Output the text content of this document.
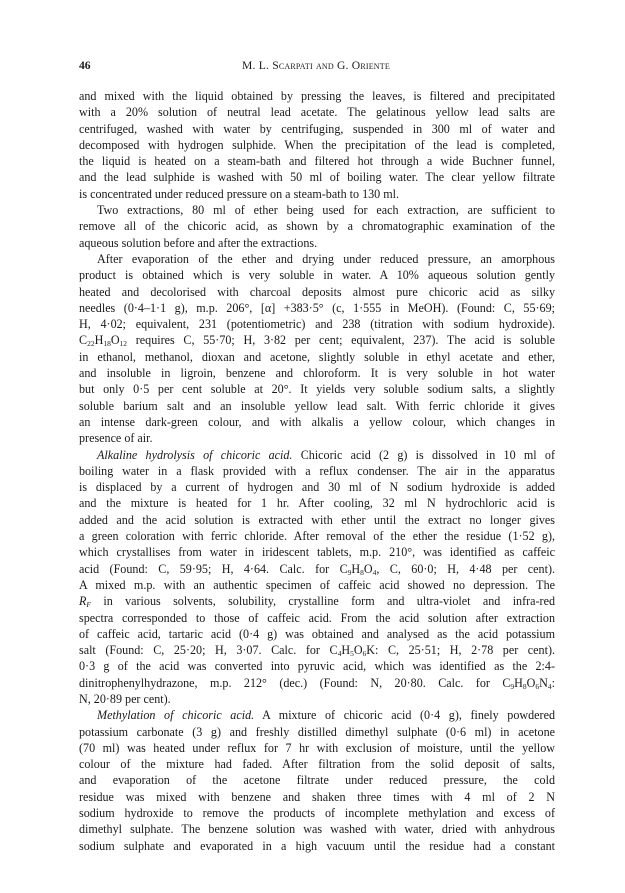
46	M. L. Scarpati and G. Oriente
and mixed with the liquid obtained by pressing the leaves, is filtered and precipitated
with a 20% solution of neutral lead acetate. The gelatinous yellow lead salts are
centrifuged, washed with water by centrifuging, suspended in 300 ml of water and
decomposed with hydrogen sulphide. When the precipitation of the lead is completed,
the liquid is heated on a steam-bath and filtered hot through a wide Buchner funnel,
and the lead sulphide is washed with 50 ml of boiling water. The clear yellow filtrate
is concentrated under reduced pressure on a steam-bath to 130 ml.
Two extractions, 80 ml of ether being used for each extraction, are sufficient to
remove all of the chicoric acid, as shown by a chromatographic examination of the
aqueous solution before and after the extractions.
After evaporation of the ether and drying under reduced pressure, an amorphous
product is obtained which is very soluble in water. A 10% aqueous solution gently
heated and decolorised with charcoal deposits almost pure chicoric acid as silky
needles (0·4–1·1 g), m.p. 206°, [α] +383·5° (c, 1·555 in MeOH). (Found: C, 55·69;
H, 4·02; equivalent, 231 (potentiometric) and 238 (titration with sodium hydroxide).
$C_{22}H_{18}O_{12}$ requires C, 55·70; H, 3·82 per cent; equivalent, 237). The acid is soluble
in ethanol, methanol, dioxan and acetone, slightly soluble in ethyl acetate and ether,
and insoluble in ligroin, benzene and chloroform. It is very soluble in hot water
but only 0·5 per cent soluble at 20°. It yields very soluble sodium salts, a slightly
soluble barium salt and an insoluble yellow lead salt. With ferric chloride it gives
an intense dark-green colour, and with alkalis a yellow colour, which changes in
presence of air.
Alkaline hydrolysis of chicoric acid. Chicoric acid (2 g) is dissolved in 10 ml of
boiling water in a flask provided with a reflux condenser. The air in the apparatus
is displaced by a current of hydrogen and 30 ml of N sodium hydroxide is added
and the mixture is heated for 1 hr. After cooling, 32 ml N hydrochloric acid is
added and the acid solution is extracted with ether until the extract no longer gives
a green coloration with ferric chloride. After removal of the ether the residue (1·52 g),
which crystallises from water in iridescent tablets, m.p. 210°, was identified as caffeic
acid (Found: C, 59·95; H, 4·64. Calc. for $C_9H_8O_4$, C, 60·0; H, 4·48 per cent).
A mixed m.p. with an authentic specimen of caffeic acid showed no depression. The
$R_F$ in various solvents, solubility, crystalline form and ultra-violet and infra-red
spectra corresponded to those of caffeic acid. From the acid solution after extraction
of caffeic acid, tartaric acid (0·4 g) was obtained and analysed as the acid potassium
salt (Found: C, 25·20; H, 3·07. Calc. for $C_4H_5O_6K$: C, 25·51; H, 2·78 per cent).
0·3 g of the acid was converted into pyruvic acid, which was identified as the 2:4-
dinitrophenylhydrazone, m.p. 212° (dec.) (Found: N, 20·80. Calc. for $C_9H_8O_6N_4$:
N, 20·89 per cent).
Methylation of chicoric acid. A mixture of chicoric acid (0·4 g), finely powdered
potassium carbonate (3 g) and freshly distilled dimethyl sulphate (0·6 ml) in acetone
(70 ml) was heated under reflux for 7 hr with exclusion of moisture, until the yellow
colour of the mixture had faded. After filtration from the solid deposit of salts,
and evaporation of the acetone filtrate under reduced pressure, the cold
residue was mixed with benzene and shaken three times with 4 ml of 2 N
sodium hydroxide to remove the products of incomplete methylation and excess of
dimethyl sulphate. The benzene solution was washed with water, dried with anhydrous
sodium sulphate and evaporated in a high vacuum until the residue had a constant
